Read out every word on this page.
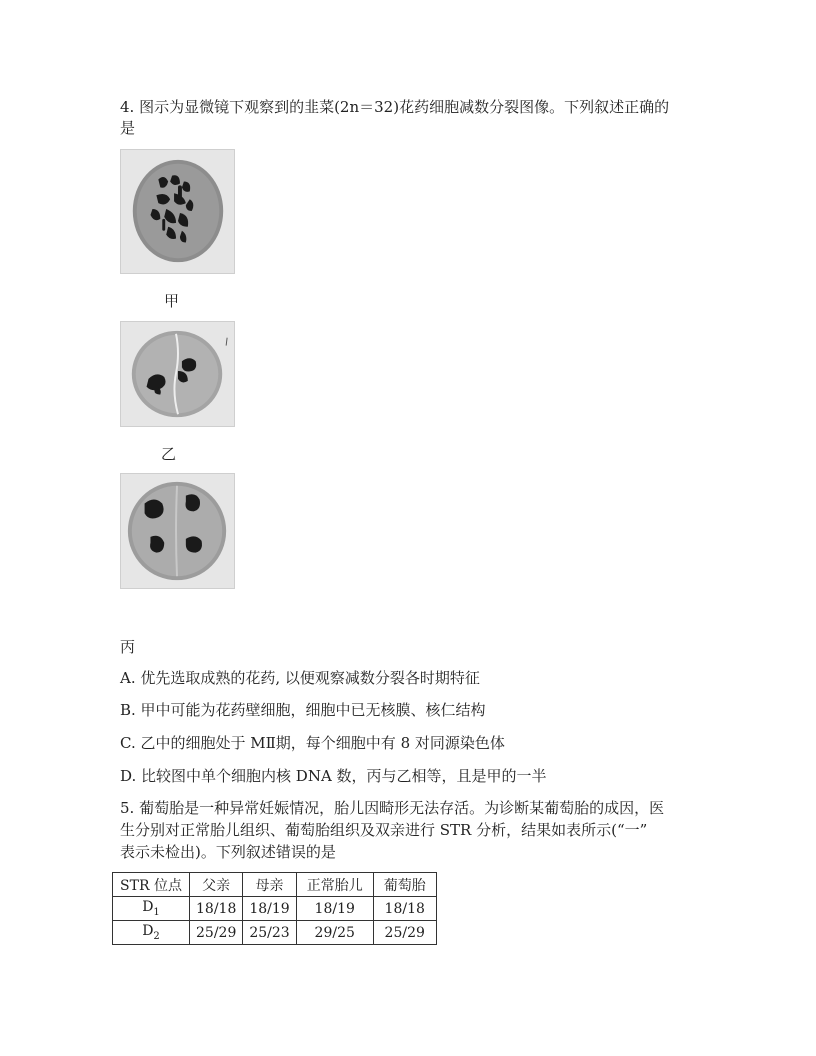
4. 图示为显微镜下观察到的韭菜(2n＝32)花药细胞减数分裂图像。下列叙述正确的
是
甲
乙
丙
A. 优先选取成熟的花药, 以便观察减数分裂各时期特征
B. 甲中可能为花药壁细胞，细胞中已无核膜、核仁结构
C. 乙中的细胞处于 MⅡ期，每个细胞中有 8 对同源染色体
D. 比较图中单个细胞内核 DNA 数，丙与乙相等，且是甲的一半
5. 葡萄胎是一种异常妊娠情况，胎儿因畸形无法存活。为诊断某葡萄胎的成因，医
生分别对正常胎儿组织、葡萄胎组织及双亲进行 STR 分析，结果如表所示(“一”
表示未检出)。下列叙述错误的是
STR 位点	父亲	母亲	正常胎儿	葡萄胎
$D_1$	18/18	18/19	18/19	18/18
$D_2$	25/29	25/23	29/25	25/29
